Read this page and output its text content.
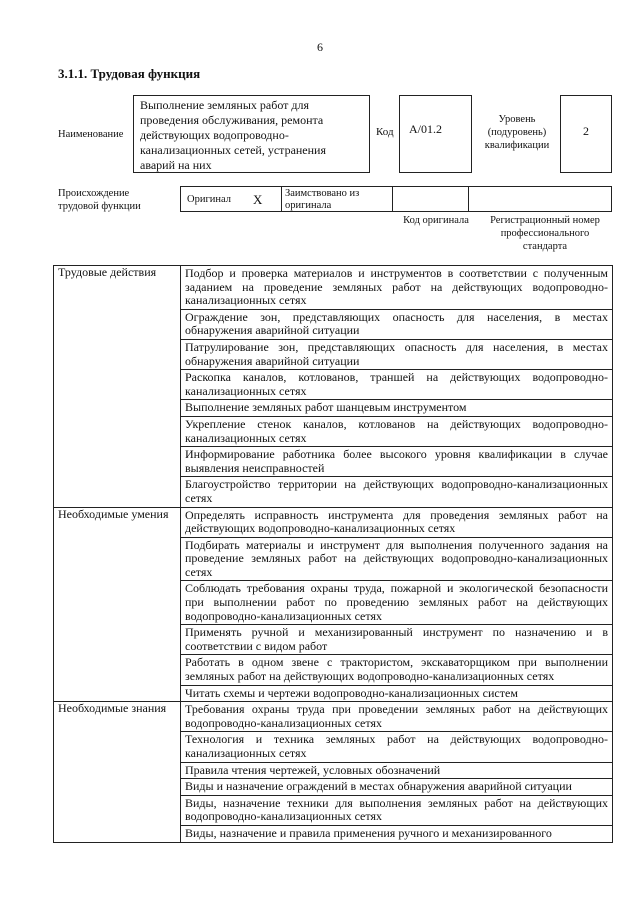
6
3.1.1. Трудовая функция
Наименование
Выполнение земляных работ для проведения обслуживания, ремонта действующих водопроводно-канализационных сетей, устранения аварий на них
Код	А/01.2
Уровень (подуровень) квалификации
2
Происхождение трудовой функции
Оригинал	X	Заимствовано из оригинала
Код оригинала	Регистрационный номер профессионального стандарта
Трудовые действия	Подбор и проверка материалов и инструментов в соответствии с полученным заданием на проведение земляных работ на действующих водопроводно-канализационных сетях
	Ограждение зон, представляющих опасность для населения, в местах обнаружения аварийной ситуации
	Патрулирование зон, представляющих опасность для населения, в местах обнаружения аварийной ситуации
	Раскопка каналов, котлованов, траншей на действующих водопроводно-канализационных сетях
	Выполнение земляных работ шанцевым инструментом
	Укрепление стенок каналов, котлованов на действующих водопроводно-канализационных сетях
	Информирование работника более высокого уровня квалификации в случае выявления неисправностей
	Благоустройство территории на действующих водопроводно-канализационных сетях
Необходимые умения	Определять исправность инструмента для проведения земляных работ на действующих водопроводно-канализационных сетях
	Подбирать материалы и инструмент для выполнения полученного задания на проведение земляных работ на действующих водопроводно-канализационных сетях
	Соблюдать требования охраны труда, пожарной и экологической безопасности при выполнении работ по проведению земляных работ на действующих водопроводно-канализационных сетях
	Применять ручной и механизированный инструмент по назначению и в соответствии с видом работ
	Работать в одном звене с трактористом, экскаваторщиком при выполнении земляных работ на действующих водопроводно-канализационных сетях
	Читать схемы и чертежи водопроводно-канализационных систем
Необходимые знания	Требования охраны труда при проведении земляных работ на действующих водопроводно-канализационных сетях
	Технология и техника земляных работ на действующих водопроводно-канализационных сетях
	Правила чтения чертежей, условных обозначений
	Виды и назначение ограждений в местах обнаружения аварийной ситуации
	Виды, назначение техники для выполнения земляных работ на действующих водопроводно-канализационных сетях
	Виды, назначение и правила применения ручного и механизированного
